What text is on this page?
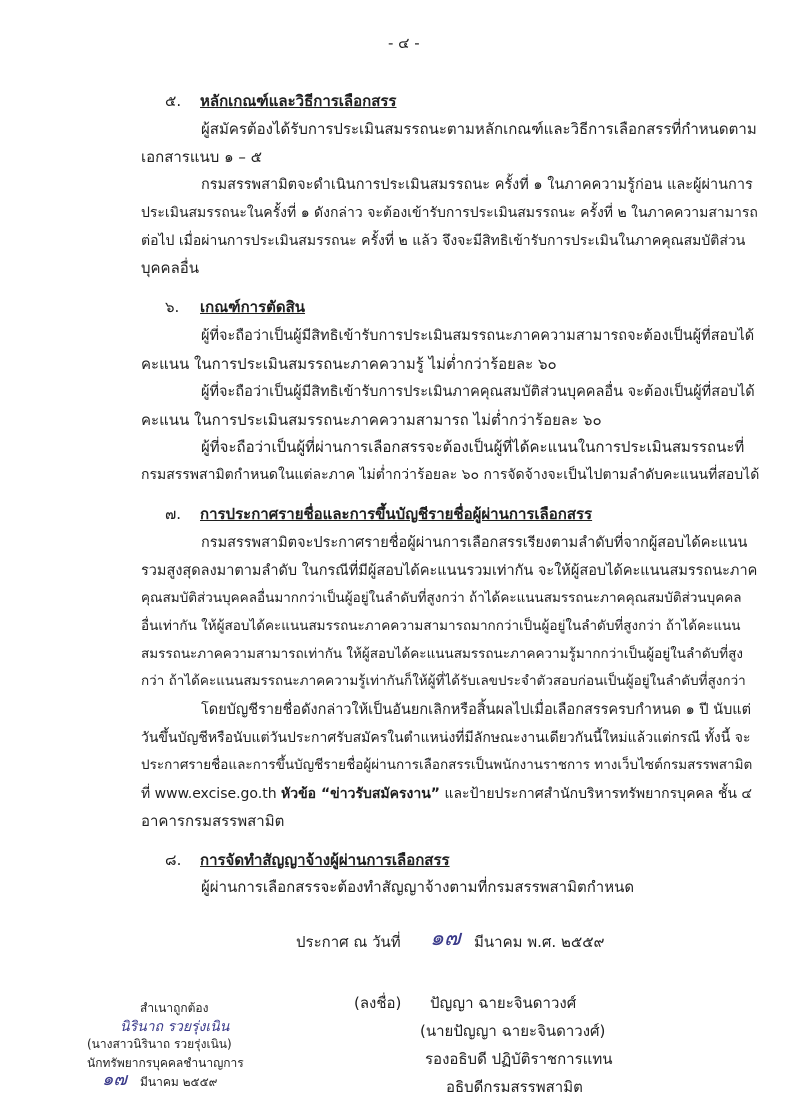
- ๔ -
๕. หลักเกณฑ์และวิธีการเลือกสรร
ผู้สมัครต้องได้รับการประเมินสมรรถนะตามหลักเกณฑ์และวิธีการเลือกสรรที่กำหนดตาม
เอกสารแนบ ๑ – ๕
กรมสรรพสามิตจะดำเนินการประเมินสมรรถนะ ครั้งที่ ๑ ในภาคความรู้ก่อน และผู้ผ่านการ
ประเมินสมรรถนะในครั้งที่ ๑ ดังกล่าว จะต้องเข้ารับการประเมินสมรรถนะ ครั้งที่ ๒ ในภาคความสามารถ
ต่อไป เมื่อผ่านการประเมินสมรรถนะ ครั้งที่ ๒ แล้ว จึงจะมีสิทธิเข้ารับการประเมินในภาคคุณสมบัติส่วน
บุคคลอื่น
๖. เกณฑ์การตัดสิน
ผู้ที่จะถือว่าเป็นผู้มีสิทธิเข้ารับการประเมินสมรรถนะภาคความสามารถจะต้องเป็นผู้ที่สอบได้
คะแนน ในการประเมินสมรรถนะภาคความรู้ ไม่ต่ำกว่าร้อยละ ๖๐
ผู้ที่จะถือว่าเป็นผู้มีสิทธิเข้ารับการประเมินภาคคุณสมบัติส่วนบุคคลอื่น จะต้องเป็นผู้ที่สอบได้
คะแนน ในการประเมินสมรรถนะภาคความสามารถ ไม่ต่ำกว่าร้อยละ ๖๐
ผู้ที่จะถือว่าเป็นผู้ที่ผ่านการเลือกสรรจะต้องเป็นผู้ที่ได้คะแนนในการประเมินสมรรถนะที่
กรมสรรพสามิตกำหนดในแต่ละภาค ไม่ต่ำกว่าร้อยละ ๖๐ การจัดจ้างจะเป็นไปตามลำดับคะแนนที่สอบได้
๗. การประกาศรายชื่อและการขึ้นบัญชีรายชื่อผู้ผ่านการเลือกสรร
กรมสรรพสามิตจะประกาศรายชื่อผู้ผ่านการเลือกสรรเรียงตามลำดับที่จากผู้สอบได้คะแนน
รวมสูงสุดลงมาตามลำดับ ในกรณีที่มีผู้สอบได้คะแนนรวมเท่ากัน จะให้ผู้สอบได้คะแนนสมรรถนะภาค
คุณสมบัติส่วนบุคคลอื่นมากกว่าเป็นผู้อยู่ในลำดับที่สูงกว่า ถ้าได้คะแนนสมรรถนะภาคคุณสมบัติส่วนบุคคล
อื่นเท่ากัน ให้ผู้สอบได้คะแนนสมรรถนะภาคความสามารถมากกว่าเป็นผู้อยู่ในลำดับที่สูงกว่า ถ้าได้คะแนน
สมรรถนะภาคความสามารถเท่ากัน ให้ผู้สอบได้คะแนนสมรรถนะภาคความรู้มากกว่าเป็นผู้อยู่ในลำดับที่สูง
กว่า ถ้าได้คะแนนสมรรถนะภาคความรู้เท่ากันก็ให้ผู้ที่ได้รับเลขประจำตัวสอบก่อนเป็นผู้อยู่ในลำดับที่สูงกว่า
โดยบัญชีรายชื่อดังกล่าวให้เป็นอันยกเลิกหรือสิ้นผลไปเมื่อเลือกสรรครบกำหนด ๑ ปี นับแต่
วันขึ้นบัญชีหรือนับแต่วันประกาศรับสมัครในตำแหน่งที่มีลักษณะงานเดียวกันนี้ใหม่แล้วแต่กรณี ทั้งนี้ จะ
ประกาศรายชื่อและการขึ้นบัญชีรายชื่อผู้ผ่านการเลือกสรรเป็นพนักงานราชการ ทางเว็บไซต์กรมสรรพสามิต
ที่ www.excise.go.th หัวข้อ “ข่าวรับสมัครงาน” และป้ายประกาศสำนักบริหารทรัพยากรบุคคล ชั้น ๔
อาคารกรมสรรพสามิต
๘. การจัดทำสัญญาจ้างผู้ผ่านการเลือกสรร
ผู้ผ่านการเลือกสรรจะต้องทำสัญญาจ้างตามที่กรมสรรพสามิตกำหนด
ประกาศ ณ วันที่ ๑๗ มีนาคม พ.ศ. ๒๕๕๙
สำเนาถูกต้อง
นิรินาถ รวยรุ่งเนิน
(นางสาวนิรินาถ รวยรุ่งเนิน)
นักทรัพยากรบุคคลชำนาญการ
๑๗ มีนาคม ๒๕๕๙
(ลงชื่อ) ปัญญา ฉายะจินดาวงศ์
(นายปัญญา ฉายะจินดาวงศ์)
รองอธิบดี ปฏิบัติราชการแทน
อธิบดีกรมสรรพสามิต
